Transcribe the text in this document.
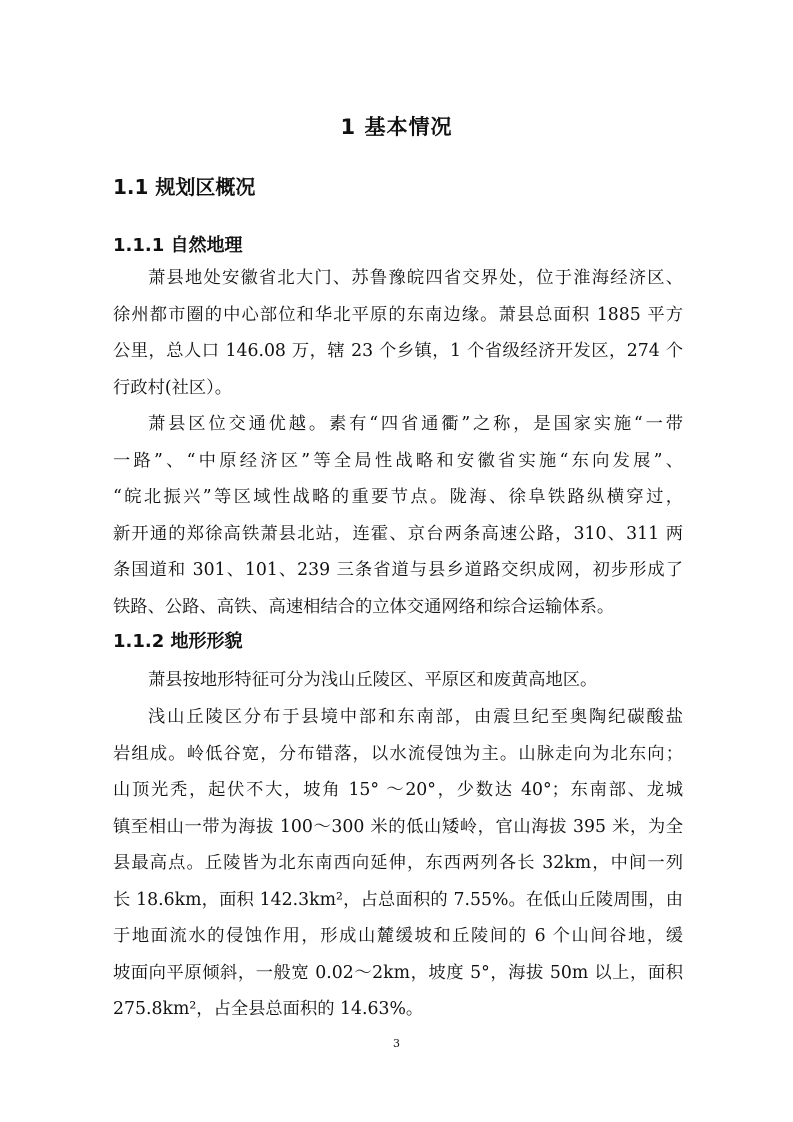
1 基本情况
1.1 规划区概况
1.1.1 自然地理
萧县地处安徽省北大门、苏鲁豫皖四省交界处，位于淮海经济区、
徐州都市圈的中心部位和华北平原的东南边缘。萧县总面积 1885 平方
公里，总人口 146.08 万，辖 23 个乡镇，1 个省级经济开发区，274 个
行政村(社区）。
萧县区位交通优越。素有“四省通衢”之称，是国家实施“一带
一路”、“中原经济区”等全局性战略和安徽省实施“东向发展”、
“皖北振兴”等区域性战略的重要节点。陇海、徐阜铁路纵横穿过，
新开通的郑徐高铁萧县北站，连霍、京台两条高速公路，310、311 两
条国道和 301、101、239 三条省道与县乡道路交织成网，初步形成了
铁路、公路、高铁、高速相结合的立体交通网络和综合运输体系。
1.1.2 地形形貌
萧县按地形特征可分为浅山丘陵区、平原区和废黄高地区。
浅山丘陵区分布于县境中部和东南部，由震旦纪至奥陶纪碳酸盐
岩组成。岭低谷宽，分布错落，以水流侵蚀为主。山脉走向为北东向；
山顶光秃，起伏不大，坡角 15° ～20°，少数达 40°；东南部、龙城
镇至相山一带为海拔 100～300 米的低山矮岭，官山海拔 395 米，为全
县最高点。丘陵皆为北东南西向延伸，东西两列各长 32km，中间一列
长 18.6km，面积 142.3km²，占总面积的 7.55%。在低山丘陵周围，由
于地面流水的侵蚀作用，形成山麓缓坡和丘陵间的 6 个山间谷地，缓
坡面向平原倾斜，一般宽 0.02～2km，坡度 5°，海拔 50m 以上，面积
275.8km²，占全县总面积的 14.63%。
3
